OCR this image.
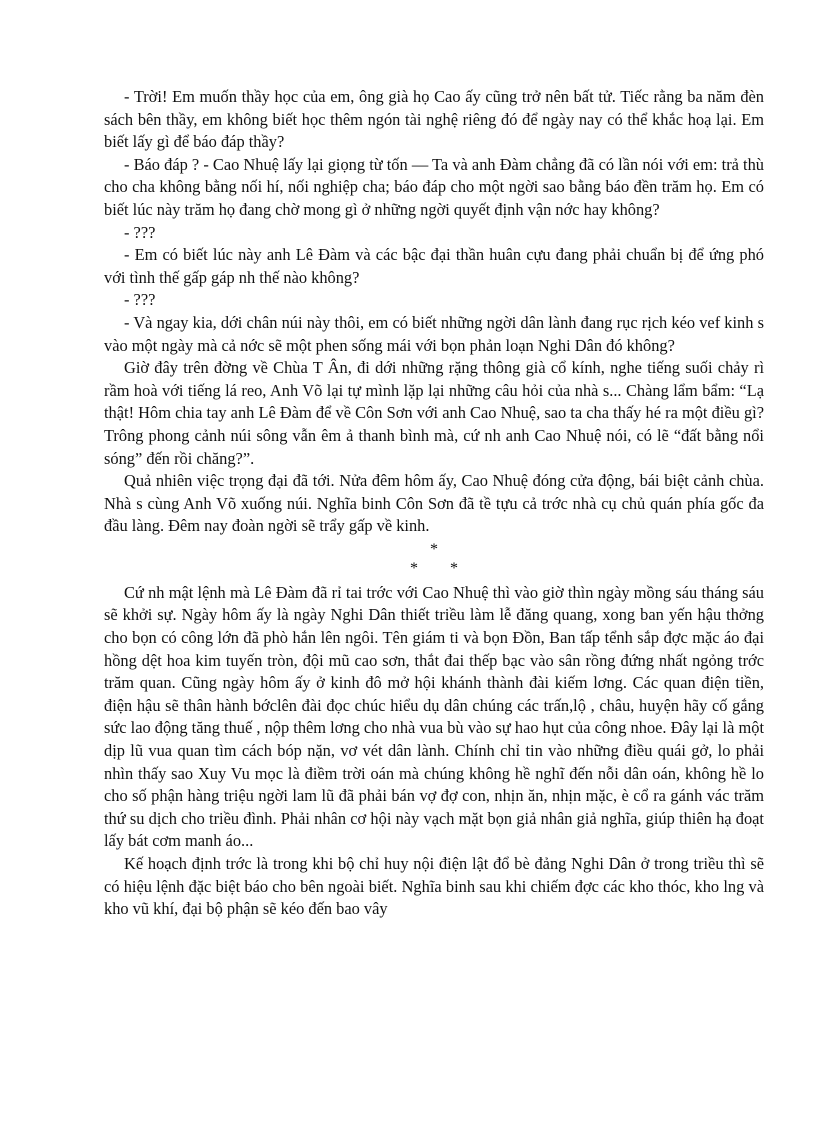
- Trời! Em muốn thầy học của em, ông già họ Cao ấy cũng trở nên bất tử. Tiếc rằng ba năm đèn sách bên thầy, em không biết học thêm ngón tài nghệ riêng đó để ngày nay có thể khắc hoạ lại. Em biết lấy gì để báo đáp thầy?

- Báo đáp ? - Cao Nhuệ lấy lại giọng từ tốn — Ta và anh Đàm chẳng đã có lần nói với em: trả thù cho cha không bằng nối hí, nối nghiệp cha; báo đáp cho một ngời sao bằng báo đền trăm họ. Em có biết lúc này trăm họ đang chờ mong gì ở những ngời quyết định vận nớc hay không?

- ???

- Em có biết lúc này anh Lê Đàm và các bậc đại thần huân cựu đang phải chuẩn bị để ứng phó với tình thế gấp gáp nh thế nào không?

- ???

- Và ngay kia, dới chân núi này thôi, em có biết những ngời dân lành đang rục rịch kéo vef kinh s vào một ngày mà cả nớc sẽ một phen sống mái với bọn phản loạn Nghi Dân đó không?

Giờ đây trên đờng về Chùa T Ân, đi dới những rặng thông già cổ kính, nghe tiếng suối chảy rì rầm hoà với tiếng lá reo, Anh Võ lại tự mình lặp lại những câu hỏi của nhà s... Chàng lẩm bẩm: “Lạ thật! Hôm chia tay anh Lê Đàm để về Côn Sơn với anh Cao Nhuệ, sao ta cha thấy hé ra một điều gì? Trông phong cảnh núi sông vẫn êm ả thanh bình mà, cứ nh anh Cao Nhuệ nói, có lẽ “đất bằng nổi sóng” đến rồi chăng?”.

Quả nhiên việc trọng đại đã tới. Nửa đêm hôm ấy, Cao Nhuệ đóng cửa động, bái biệt cảnh chùa. Nhà s cùng Anh Võ xuống núi. Nghĩa binh Côn Sơn đã tề tựu cả trớc nhà cụ chủ quán phía gốc đa đầu làng. Đêm nay đoàn ngời sẽ trẩy gấp về kinh.

*
* *

Cứ nh mật lệnh mà Lê Đàm đã rỉ tai trớc với Cao Nhuệ thì vào giờ thìn ngày mồng sáu tháng sáu sẽ khởi sự. Ngày hôm ấy là ngày Nghi Dân thiết triều làm lễ đăng quang, xong ban yến hậu thởng cho bọn có công lớn đã phò hắn lên ngôi. Tên giám ti và bọn Đồn, Ban tấp tểnh sắp đợc mặc áo đại hồng dệt hoa kim tuyến tròn, đội mũ cao sơn, thắt đai thếp bạc vào sân rồng đứng nhất ngỏng trớc trăm quan. Cũng ngày hôm ấy ở kinh đô mở hội khánh thành đài kiếm lơng. Các quan điện tiền, điện hậu sẽ thân hành bớclên đài đọc chúc hiểu dụ dân chúng các trấn,lộ , châu, huyện hãy cố gắng sức lao động tăng thuế , nộp thêm lơng cho nhà vua bù vào sự hao hụt của công nhoe. Đây lại là một dịp lũ vua quan tìm cách bóp nặn, vơ vét dân lành. Chính chỉ tin vào những điều quái gở, lo phải nhìn thấy sao Xuy Vu mọc là điềm trời oán mà chúng không hề nghĩ đến nỗi dân oán, không hề lo cho số phận hàng triệu ngời lam lũ đã phải bán vợ đợ con, nhịn ăn, nhịn mặc, è cổ ra gánh vác trăm thứ su dịch cho triều đình. Phải nhân cơ hội này vạch mặt bọn giả nhân giả nghĩa, giúp thiên hạ đoạt lấy bát cơm manh áo...

Kế hoạch định trớc là trong khi bộ chỉ huy nội điện lật đổ bè đảng Nghi Dân ở trong triều thì sẽ có hiệu lệnh đặc biệt báo cho bên ngoài biết. Nghĩa binh sau khi chiếm đợc các kho thóc, kho lng và kho vũ khí, đại bộ phận sẽ kéo đến bao vây
